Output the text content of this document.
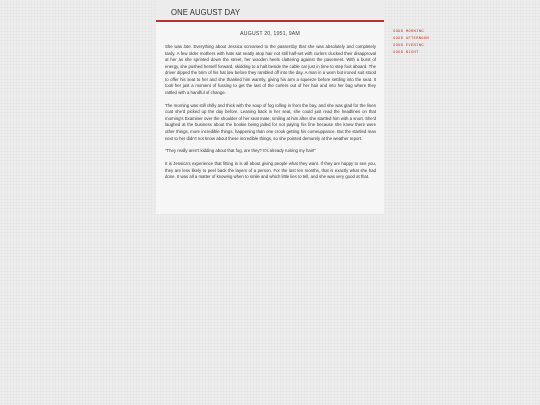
ONE AUGUST DAY
AUGUST 20, 1951, 9AM

She was late. Everything about Jessica screamed to the passersby that she was absolutely and completely tardy. A few older mothers with hats sat neatly atop hair not still half-set with curlers clucked their disapproval at her as she sprinted down the street, her wooden heels clattering against the pavement. With a burst of energy, she pushed herself forward, skidding to a halt beside the cable car just in time to step foot aboard. The driver dipped the brim of his hat low before they rambled off into the day. A man in a worn but ironed suit stood to offer his seat to her and she thanked him warmly, giving his arm a squeeze before settling into the seat. It took her just a moment of fussing to get the last of the curlers out of her hair and into her bag where they rattled with a handful of change.

The morning was still chilly and thick with the soup of fog rolling in from the bay, and she was glad for the linen coat she'd picked up the day before. Leaning back in her seat, she could just read the headlines on that morning's Examiner over the shoulder of her seat mate, smiling at him after she startled him with a snort. She'd laughed at the business about the bookie being jailed for not paying his fine because she knew there were other things, more incredible things, happening than one crook getting his comeuppance. But the startled man next to her didn't not know about these incredible things, so she pointed demurely at the weather report.

"They really aren't kidding about that fog, are they? It's already ruining my hair!"

It is Jessica's experience that fitting in is all about giving people what they want. If they are happy to see you, they are less likely to peel back the layers of a person. For the last ten months, that is exactly what she had done. It was all a matter of knowing when to smile and which little lies to tell, and she was very good at that.

GOOD MORNING
GOOD AFTERNOON
GOOD EVENING
GOOD NIGHT
